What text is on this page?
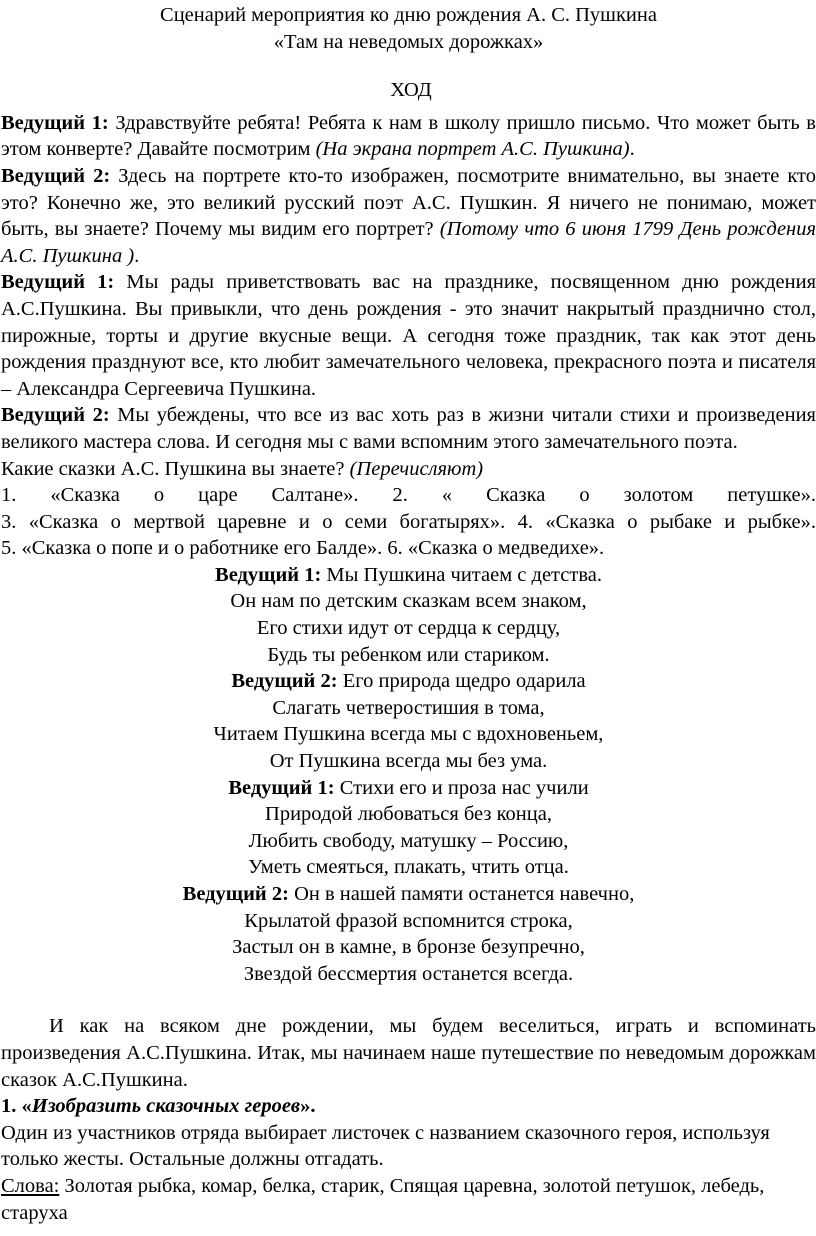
Сценарий мероприятия ко дню рождения А. С. Пушкина

«Там на неведомых дорожках»

ХОД

Ведущий 1: Здравствуйте ребята! Ребята к нам в школу пришло письмо. Что может быть в этом конверте? Давайте посмотрим (На экрана портрет А.С. Пушкина).

Ведущий 2: Здесь на портрете кто-то изображен, посмотрите внимательно, вы знаете кто это? Конечно же, это великий русский поэт А.С. Пушкин. Я ничего не понимаю, может быть, вы знаете? Почему мы видим его портрет? (Потому что 6 июня 1799 День рождения А.С. Пушкина ).

Ведущий 1: Мы рады приветствовать вас на празднике, посвященном дню рождения А.С.Пушкина. Вы привыкли, что день рождения - это значит накрытый празднично стол, пирожные, торты и другие вкусные вещи. А сегодня тоже праздник, так как этот день рождения празднуют все, кто любит замечательного человека, прекрасного поэта и писателя – Александра Сергеевича Пушкина.

Ведущий 2: Мы убеждены, что все из вас хоть раз в жизни читали стихи и произведения великого мастера слова. И сегодня мы с вами вспомним этого замечательного поэта.

Какие сказки А.С. Пушкина вы знаете? (Перечисляют)

1. «Сказка о царе Салтане». 2. « Сказка о золотом петушке».

3. «Сказка о мертвой царевне и о семи богатырях». 4. «Сказка о рыбаке и рыбке».

5. «Сказка о попе и о работнике его Балде». 6. «Сказка о медведихе».

Ведущий 1: Мы Пушкина читаем с детства.

Он нам по детским сказкам всем знаком,

Его стихи идут от сердца к сердцу,

Будь ты ребенком или стариком.

Ведущий 2: Его природа щедро одарила

Слагать четверостишия в тома,

Читаем Пушкина всегда мы с вдохновеньем,

От Пушкина всегда мы без ума.

Ведущий 1: Стихи его и проза нас учили

Природой любоваться без конца,

Любить свободу, матушку – Россию,

Уметь смеяться, плакать, чтить отца.

Ведущий 2: Он в нашей памяти останется навечно,

Крылатой фразой вспомнится строка,

Застыл он в камне, в бронзе безупречно,

Звездой бессмертия останется всегда.

И как на всяком дне рождении, мы будем веселиться, играть и вспоминать произведения А.С.Пушкина. Итак, мы начинаем наше путешествие по неведомым дорожкам сказок А.С.Пушкина.

1. «Изобразить сказочных героев».

Один из участников отряда выбирает листочек с названием сказочного героя, используя только жесты. Остальные должны отгадать.

Слова: Золотая рыбка, комар, белка, старик, Спящая царевна, золотой петушок, лебедь, старуха
